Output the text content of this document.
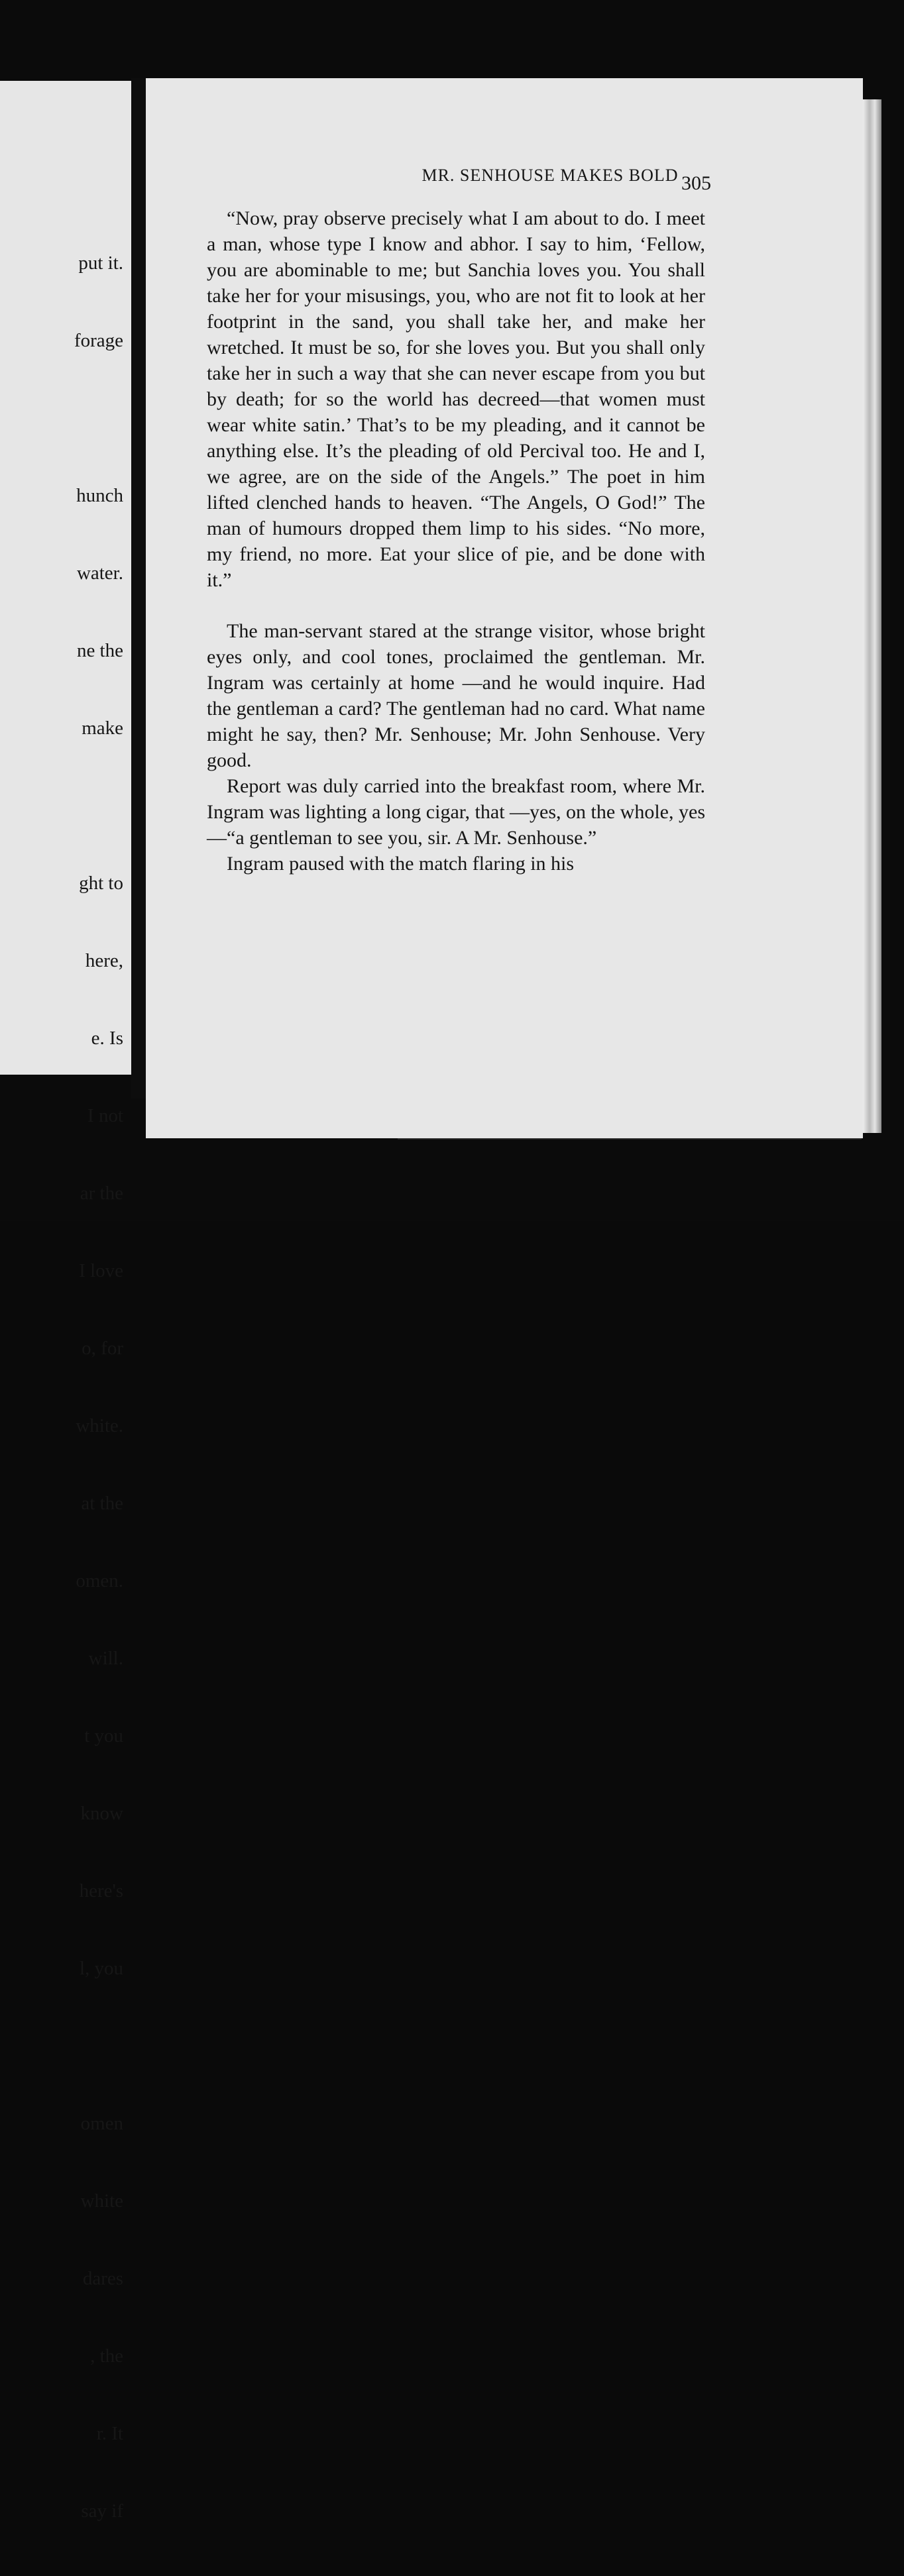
put it.

forage

hunch

water.

ne the

make

ght to

here,

e. Is

I not

ar the

I love

o, for

white.

at the

omen.

will.

t you

know

here's

l, you

omen

white

dares

, the

r. It

say if

MR. SENHOUSE MAKES BOLD 305

“Now, pray observe precisely what I am about to do. I meet a man, whose type I know and abhor. I say to him, ‘Fellow, you are abominable to me; but Sanchia loves you. You shall take her for your misusings, you, who are not fit to look at her footprint in the sand, you shall take her, and make her wretched. It must be so, for she loves you. But you shall only take her in such a way that she can never escape from you but by death; for so the world has decreed—that women must wear white satin.’ That’s to be my pleading, and it cannot be anything else. It’s the pleading of old Percival too. He and I, we agree, are on the side of the Angels.” The poet in him lifted clenched hands to heaven. “The Angels, O God!” The man of humours dropped them limp to his sides. “No more, my friend, no more. Eat your slice of pie, and be done with it.”

The man-servant stared at the strange visitor, whose bright eyes only, and cool tones, proclaimed the gentleman. Mr. Ingram was certainly at home —and he would inquire. Had the gentleman a card? The gentleman had no card. What name might he say, then? Mr. Senhouse; Mr. John Senhouse. Very good.

Report was duly carried into the breakfast room, where Mr. Ingram was lighting a long cigar, that —yes, on the whole, yes—“a gentleman to see you, sir. A Mr. Senhouse.”

Ingram paused with the match flaring in his
